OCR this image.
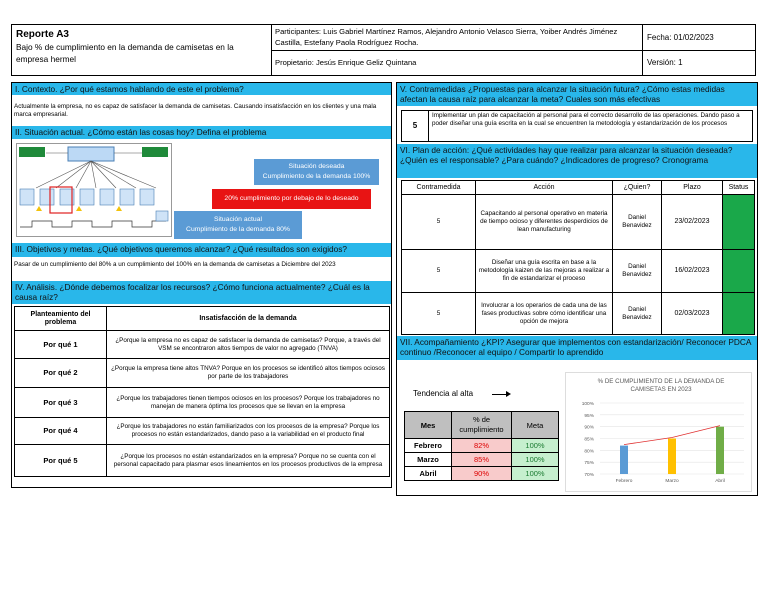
Reporte A3
Bajo % de cumplimiento en la demanda de camisetas en la empresa hermel
Participantes: Luis Gabriel Martínez Ramos, Alejandro Antonio Velasco Sierra, Yoiber Andrés Jiménez Castilla, Estefany Paola Rodríguez Rocha.
Propietario: Jesús Enrique Geliz Quintana
Fecha: 01/02/2023
Versión: 1
I. Contexto. ¿Por qué estamos hablando de este el problema?
Actualmente la empresa, no es capaz de satisfacer la demanda de camisetas. Causando insatisfacción en los clientes y una mala marca empresarial.
II. Situación actual. ¿Cómo están las cosas hoy? Defina el problema
Situación deseada
Cumplimiento de la demanda 100%
20% cumplimiento por debajo de lo deseado
Situación actual
Cumplimiento de la demanda 80%
III. Objetivos y metas. ¿Qué objetivos queremos alcanzar? ¿Qué resultados son exigidos?
Pasar de un cumplimiento del 80% a un cumplimiento del 100% en la demanda de camisetas a Diciembre del 2023
IV. Análisis. ¿Dónde debemos focalizar los recursos? ¿Cómo funciona actualmente? ¿Cuál es la causa raíz?
Planteamiento del problema	Insatisfacción de la demanda
Por qué 1	¿Porque la empresa no es capaz de satisfacer la demanda de camisetas? Porque, a través del VSM se encontraron altos tiempos de valor no agregado (TNVA)
Por qué 2	¿Porque la empresa tiene altos TNVA? Porque en los procesos se identificó altos tiempos ociosos por parte de los trabajadores
Por qué 3	¿Porque los trabajadores tienen tiempos ociosos en los procesos? Porque los trabajadores no manejan de manera óptima los procesos que se llevan en la empresa
Por qué 4	¿Porque los trabajadores no están familiarizados con los procesos de la empresa? Porque los procesos no están estandarizados, dando paso a la variabilidad en el producto final
Por qué 5	¿Porque los procesos no están estandarizados en la empresa? Porque no se cuenta con el personal capacitado para plasmar esos lineamientos en los procesos productivos de la empresa
V. Contramedidas ¿Propuestas para alcanzar la situación futura? ¿Cómo estas medidas afectan la causa raíz para alcanzar la meta? Cuales son más efectivas
5
Implementar un plan de capacitación al personal para el correcto desarrollo de las operaciones. Dando paso a poder diseñar una guía escrita en la cual se encuentren la metodología y estandarización de los procesos
VI. Plan de acción: ¿Qué actividades hay que realizar para alcanzar la situación deseada? ¿Quién es el responsable? ¿Para cuándo? ¿Indicadores de progreso? Cronograma
Contramedida	Acción	¿Quien?	Plazo	Status
5	Capacitando al personal operativo en materia de tiempo ocioso y diferentes desperdicios de lean manufacturing	Daniel Benavidez	23/02/2023	
5	Diseñar una guía escrita en base a la metodología kaizen de las mejoras a realizar a fin de estandarizar el proceso	Daniel Benavidez	16/02/2023	
5	Involucrar a los operarios de cada una de las fases productivas sobre cómo identificar una opción de mejora	Daniel Benavidez	02/03/2023	
VII. Acompañamiento ¿KPI? Asegurar que implementos con estandarización/ Reconocer PDCA continuo /Reconocer al equipo / Compartir lo aprendido
Tendencia al alta
Mes	% de cumplimiento	Meta
Febrero	82%	100%
Marzo	85%	100%
Abril	90%	100%
% DE CUMPLIMIENTO DE LA DEMANDA DE CAMISETAS EN 2023
70%
75%
80%
85%
90%
95%
100%
Febrero	Marzo	Abril
